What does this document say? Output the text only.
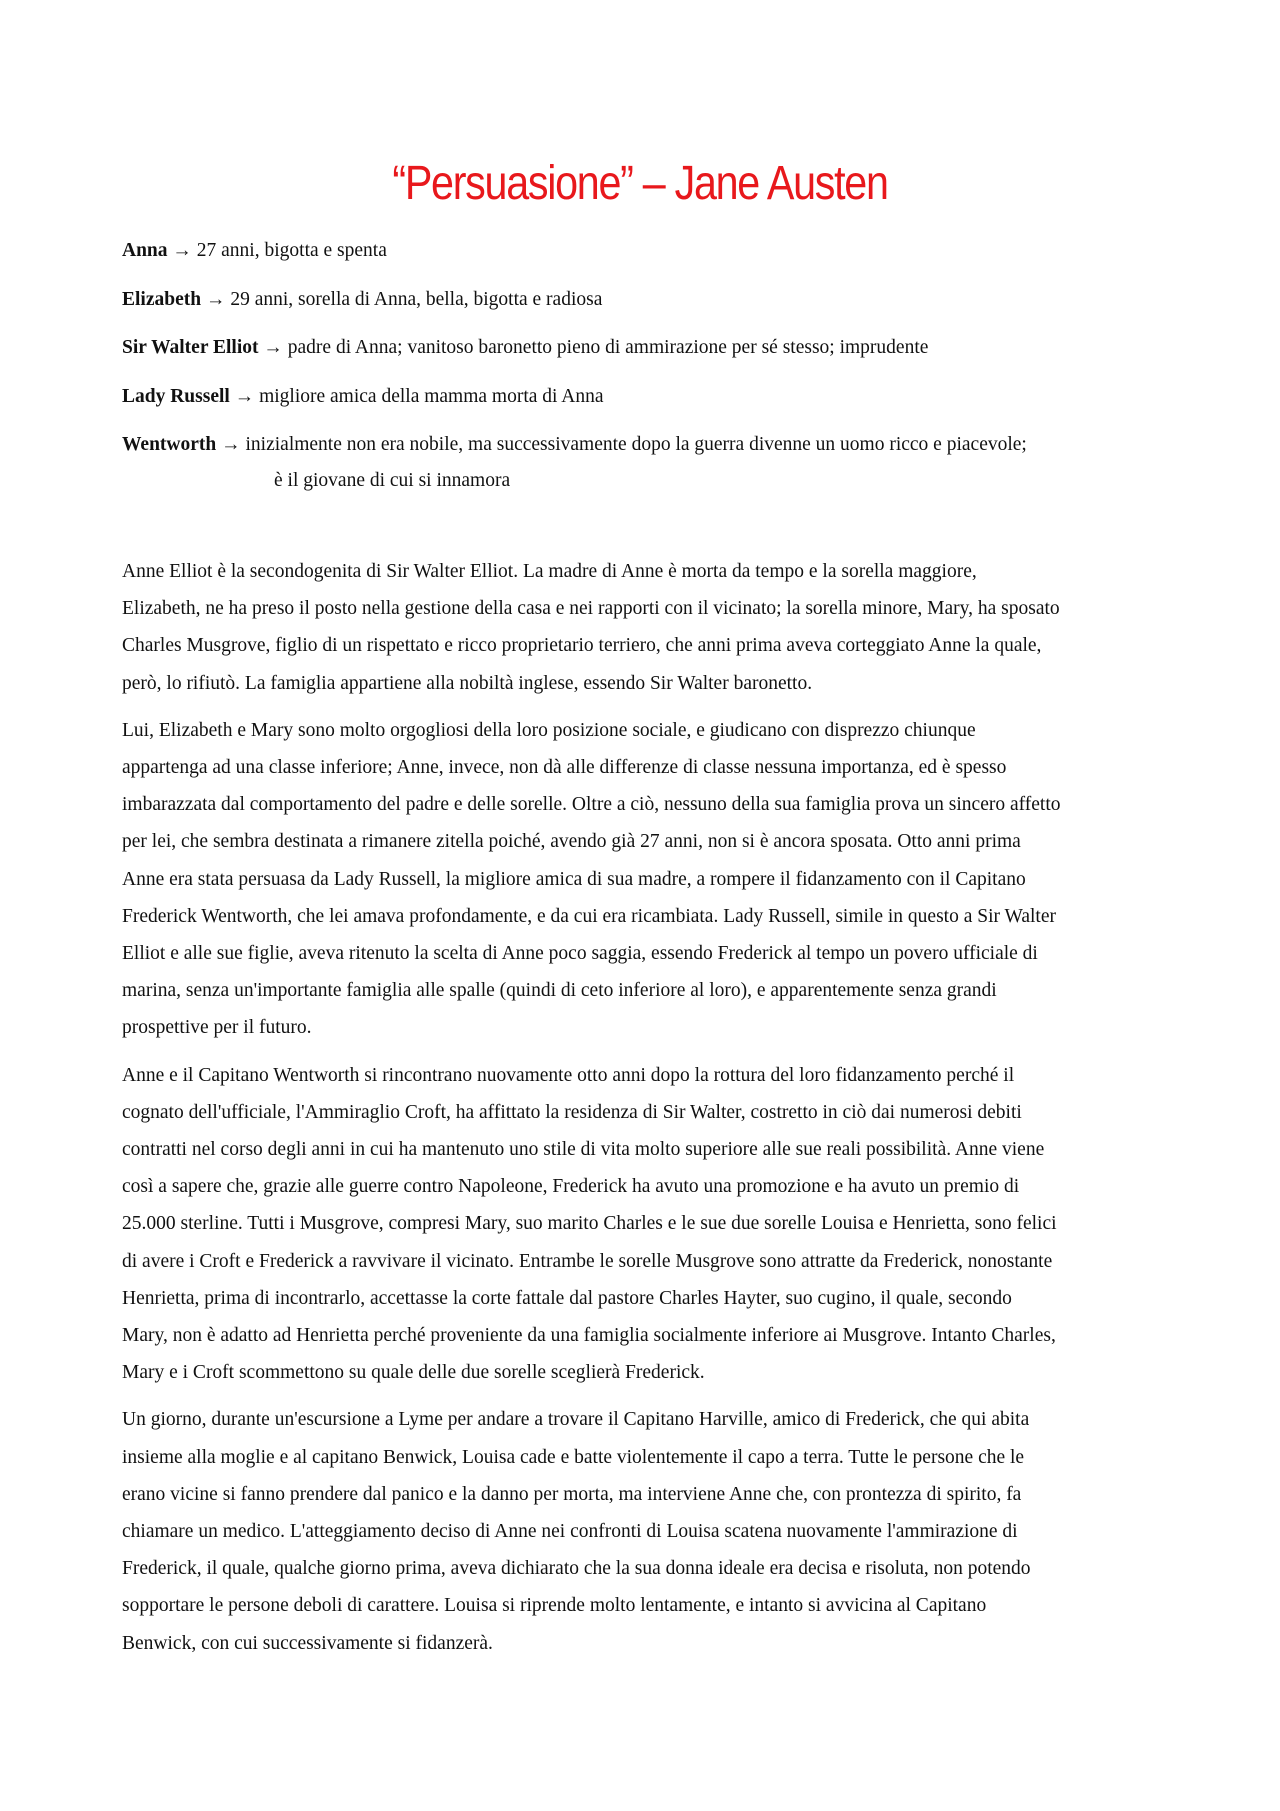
“Persuasione” – Jane Austen

Anna → 27 anni, bigotta e spenta

Elizabeth → 29 anni, sorella di Anna, bella, bigotta e radiosa

Sir Walter Elliot → padre di Anna; vanitoso baronetto pieno di ammirazione per sé stesso; imprudente

Lady Russell → migliore amica della mamma morta di Anna

Wentworth → inizialmente non era nobile, ma successivamente dopo la guerra divenne un uomo ricco e piacevole;
è il giovane di cui si innamora

Anne Elliot è la secondogenita di Sir Walter Elliot. La madre di Anne è morta da tempo e la sorella maggiore,
Elizabeth, ne ha preso il posto nella gestione della casa e nei rapporti con il vicinato; la sorella minore, Mary, ha sposato
Charles Musgrove, figlio di un rispettato e ricco proprietario terriero, che anni prima aveva corteggiato Anne la quale,
però, lo rifiutò. La famiglia appartiene alla nobiltà inglese, essendo Sir Walter baronetto.

Lui, Elizabeth e Mary sono molto orgogliosi della loro posizione sociale, e giudicano con disprezzo chiunque
appartenga ad una classe inferiore; Anne, invece, non dà alle differenze di classe nessuna importanza, ed è spesso
imbarazzata dal comportamento del padre e delle sorelle. Oltre a ciò, nessuno della sua famiglia prova un sincero affetto
per lei, che sembra destinata a rimanere zitella poiché, avendo già 27 anni, non si è ancora sposata. Otto anni prima
Anne era stata persuasa da Lady Russell, la migliore amica di sua madre, a rompere il fidanzamento con il Capitano
Frederick Wentworth, che lei amava profondamente, e da cui era ricambiata. Lady Russell, simile in questo a Sir Walter
Elliot e alle sue figlie, aveva ritenuto la scelta di Anne poco saggia, essendo Frederick al tempo un povero ufficiale di
marina, senza un'importante famiglia alle spalle (quindi di ceto inferiore al loro), e apparentemente senza grandi
prospettive per il futuro.

Anne e il Capitano Wentworth si rincontrano nuovamente otto anni dopo la rottura del loro fidanzamento perché il
cognato dell'ufficiale, l'Ammiraglio Croft, ha affittato la residenza di Sir Walter, costretto in ciò dai numerosi debiti
contratti nel corso degli anni in cui ha mantenuto uno stile di vita molto superiore alle sue reali possibilità. Anne viene
così a sapere che, grazie alle guerre contro Napoleone, Frederick ha avuto una promozione e ha avuto un premio di
25.000 sterline. Tutti i Musgrove, compresi Mary, suo marito Charles e le sue due sorelle Louisa e Henrietta, sono felici
di avere i Croft e Frederick a ravvivare il vicinato. Entrambe le sorelle Musgrove sono attratte da Frederick, nonostante
Henrietta, prima di incontrarlo, accettasse la corte fattale dal pastore Charles Hayter, suo cugino, il quale, secondo
Mary, non è adatto ad Henrietta perché proveniente da una famiglia socialmente inferiore ai Musgrove. Intanto Charles,
Mary e i Croft scommettono su quale delle due sorelle sceglierà Frederick.

Un giorno, durante un'escursione a Lyme per andare a trovare il Capitano Harville, amico di Frederick, che qui abita
insieme alla moglie e al capitano Benwick, Louisa cade e batte violentemente il capo a terra. Tutte le persone che le
erano vicine si fanno prendere dal panico e la danno per morta, ma interviene Anne che, con prontezza di spirito, fa
chiamare un medico. L'atteggiamento deciso di Anne nei confronti di Louisa scatena nuovamente l'ammirazione di
Frederick, il quale, qualche giorno prima, aveva dichiarato che la sua donna ideale era decisa e risoluta, non potendo
sopportare le persone deboli di carattere. Louisa si riprende molto lentamente, e intanto si avvicina al Capitano
Benwick, con cui successivamente si fidanzerà.
